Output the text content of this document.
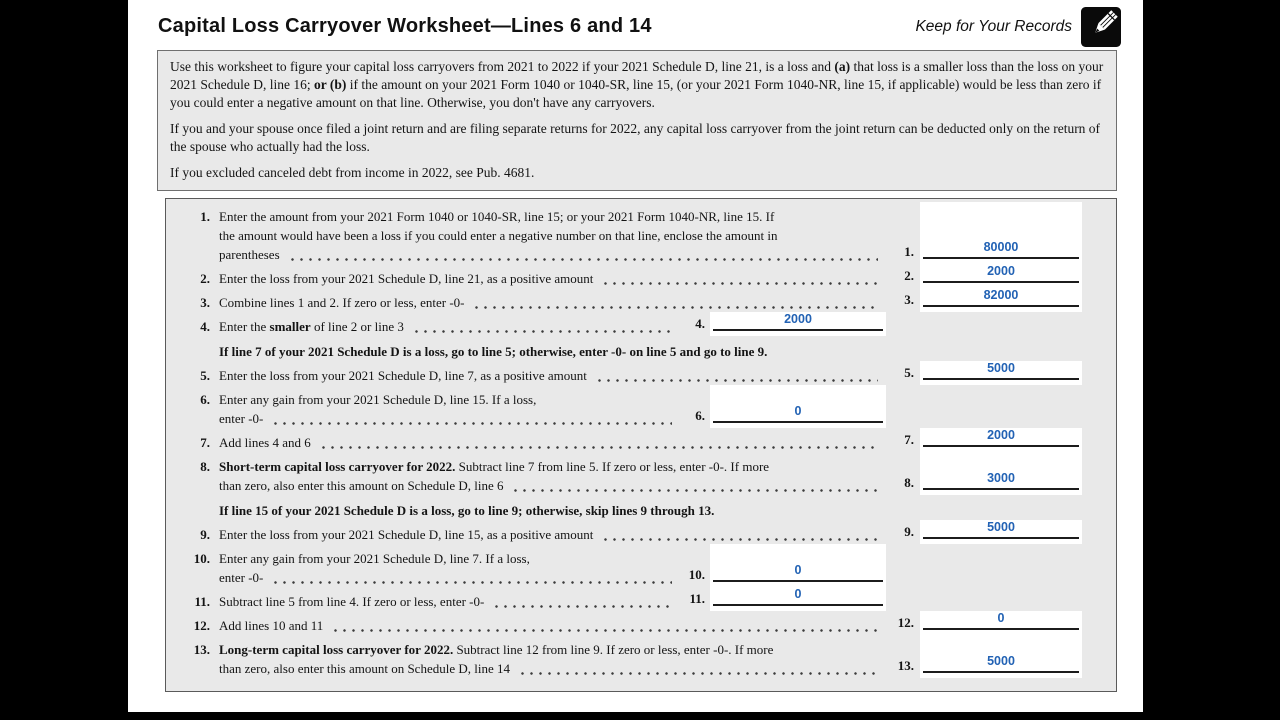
Capital Loss Carryover Worksheet—Lines 6 and 14	Keep for Your Records

Use this worksheet to figure your capital loss carryovers from 2021 to 2022 if your 2021 Schedule D, line 21, is a loss and (a) that loss is a smaller loss than the loss on your 2021 Schedule D, line 16; or (b) if the amount on your 2021 Form 1040 or 1040-SR, line 15, (or your 2021 Form 1040-NR, line 15, if applicable) would be less than zero if you could enter a negative amount on that line. Otherwise, you don't have any carryovers.

If you and your spouse once filed a joint return and are filing separate returns for 2022, any capital loss carryover from the joint return can be deducted only on the return of the spouse who actually had the loss.

If you excluded canceled debt from income in 2022, see Pub. 4681.

1. Enter the amount from your 2021 Form 1040 or 1040-SR, line 15; or your 2021 Form 1040-NR, line 15. If
the amount would have been a loss if you could enter a negative number on that line, enclose the amount in
parentheses	1.	80000
2. Enter the loss from your 2021 Schedule D, line 21, as a positive amount	2.	2000
3. Combine lines 1 and 2. If zero or less, enter -0-	3.	82000
4. Enter the smaller of line 2 or line 3	4.	2000
If line 7 of your 2021 Schedule D is a loss, go to line 5; otherwise, enter -0- on line 5 and go to line 9.
5. Enter the loss from your 2021 Schedule D, line 7, as a positive amount	5.	5000
6. Enter any gain from your 2021 Schedule D, line 15. If a loss,
enter -0-	6.	0
7. Add lines 4 and 6	7.	2000
8. Short-term capital loss carryover for 2022. Subtract line 7 from line 5. If zero or less, enter -0-. If more
than zero, also enter this amount on Schedule D, line 6	8.	3000
If line 15 of your 2021 Schedule D is a loss, go to line 9; otherwise, skip lines 9 through 13.
9. Enter the loss from your 2021 Schedule D, line 15, as a positive amount	9.	5000
10. Enter any gain from your 2021 Schedule D, line 7. If a loss,
enter -0-	10.	0
11. Subtract line 5 from line 4. If zero or less, enter -0-	11.	0
12. Add lines 10 and 11	12.	0
13. Long-term capital loss carryover for 2022. Subtract line 12 from line 9. If zero or less, enter -0-. If more
than zero, also enter this amount on Schedule D, line 14	13.	5000
